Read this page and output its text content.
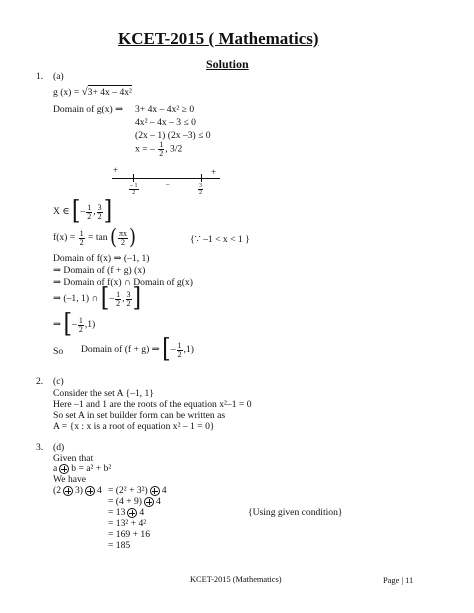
KCET-2015 ( Mathematics)
Solution
1. (a)
g (x) = √3+ 4x – 4x²
Domain of g(x) ⇒ 3+ 4x – 4x² ≥ 0
4x² – 4x – 3 ≤ 0
(2x – 1) (2x –3) ≤ 0
x = – $\frac{1}{2}$ , 3/2
+
–
+
$\frac{- 1}{2}$	$\frac{3}{2}$
X ∈ [– $\frac{1}{2}$ , $\frac{3}{2}$ ]
$f(x) = \frac{1}{2} = \tan$ ( $\frac{\pi x}{2}$ )	{∵ –1 < x < 1 }
Domain of f(x) ⇒ (–1, 1)
⇒ Domain of (f + g) (x)
⇒ Domain of f(x) ∩ Domain of g(x)
⇒ (–1, 1) ∩ [– $\frac{1}{2}$ , $\frac{3}{2}$ ]
⇒ [– $\frac{1}{2} ,1$)
So Domain of (f + g) ⇒ [– $\frac{1}{2} ,1$)
2. (c)
Consider the set A {–1, 1}
Here –1 and 1 are the roots of the equation x²–1 = 0
So set A in set builder form can be written as
A = {x : x is a root of equation x² – 1 = 0}
3. (d)
Given that
a b = a² + b²
We have
(2 3) 4 = (2² + 3²) 4
= (4 + 9) 4
= 13 4	{Using given condition}
= 13² + 4²
= 169 + 16
= 185
KCET-2015 (Mathematics)	Page | 11
